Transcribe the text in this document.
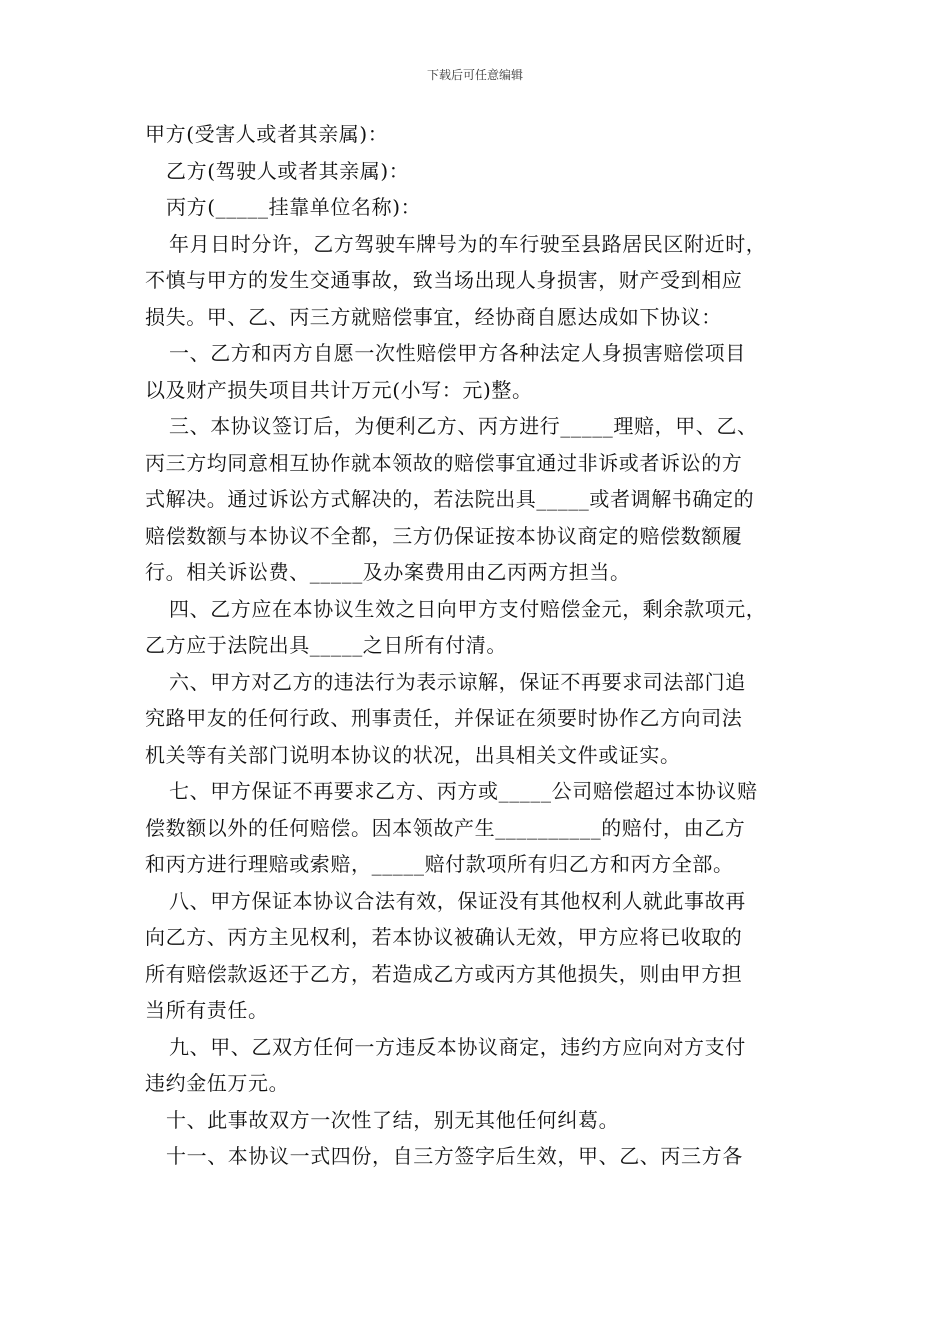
下载后可任意编辑
甲方(受害人或者其亲属)：
乙方(驾驶人或者其亲属)：
丙方(_____挂靠单位名称)：
年月日时分许，乙方驾驶车牌号为的车行驶至县路居民区附近时，
不慎与甲方的发生交通事故，致当场出现人身损害，财产受到相应
损失。甲、乙、丙三方就赔偿事宜，经协商自愿达成如下协议：
一、乙方和丙方自愿一次性赔偿甲方各种法定人身损害赔偿项目
以及财产损失项目共计万元(小写：元)整。
三、本协议签订后，为便利乙方、丙方进行_____理赔，甲、乙、
丙三方均同意相互协作就本领故的赔偿事宜通过非诉或者诉讼的方
式解决。通过诉讼方式解决的，若法院出具_____或者调解书确定的
赔偿数额与本协议不全都，三方仍保证按本协议商定的赔偿数额履
行。相关诉讼费、_____及办案费用由乙丙两方担当。
四、乙方应在本协议生效之日向甲方支付赔偿金元，剩余款项元，
乙方应于法院出具_____之日所有付清。
六、甲方对乙方的违法行为表示谅解，保证不再要求司法部门追
究路甲友的任何行政、刑事责任，并保证在须要时协作乙方向司法
机关等有关部门说明本协议的状况，出具相关文件或证实。
七、甲方保证不再要求乙方、丙方或_____公司赔偿超过本协议赔
偿数额以外的任何赔偿。因本领故产生__________的赔付，由乙方
和丙方进行理赔或索赔，_____赔付款项所有归乙方和丙方全部。
八、甲方保证本协议合法有效，保证没有其他权利人就此事故再
向乙方、丙方主见权利，若本协议被确认无效，甲方应将已收取的
所有赔偿款返还于乙方，若造成乙方或丙方其他损失，则由甲方担
当所有责任。
九、甲、乙双方任何一方违反本协议商定，违约方应向对方支付
违约金伍万元。
十、此事故双方一次性了结，别无其他任何纠葛。
十一、本协议一式四份，自三方签字后生效，甲、乙、丙三方各
